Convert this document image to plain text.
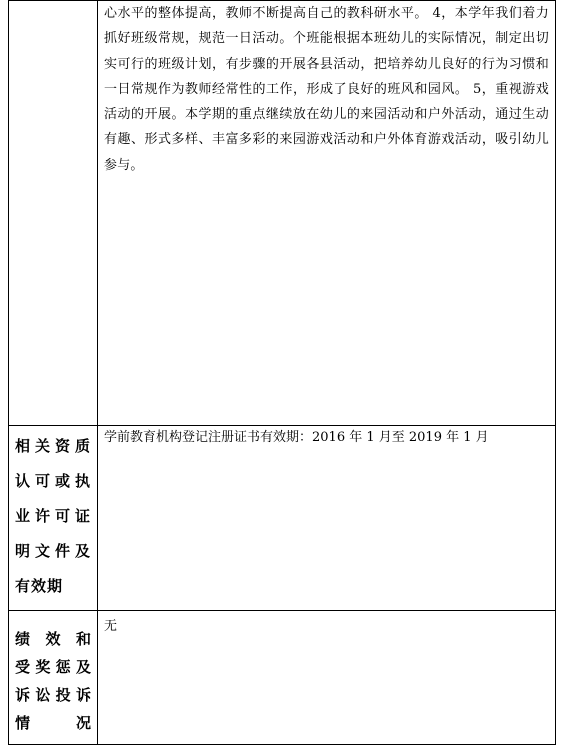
	心水平的整体提高，教师不断提高自己的教科研水平。 4，本学年我们着力抓好班级常规，规范一日活动。个班能根据本班幼儿的实际情况，制定出切实可行的班级计划，有步骤的开展各县活动，把培养幼儿良好的行为习惯和一日常规作为教师经常性的工作，形成了良好的班风和园风。 5，重视游戏活动的开展。本学期的重点继续放在幼儿的来园活动和户外活动，通过生动有趣、形式多样、丰富多彩的来园游戏活动和户外体育游戏活动，吸引幼儿参与。

相关资质
认可或执
业许可证
明文件及
有效期	学前教育机构登记注册证书有效期：2016 年 1 月至 2019 年 1 月

绩 效 和
受奖惩及
诉讼投诉
情　　况	无
